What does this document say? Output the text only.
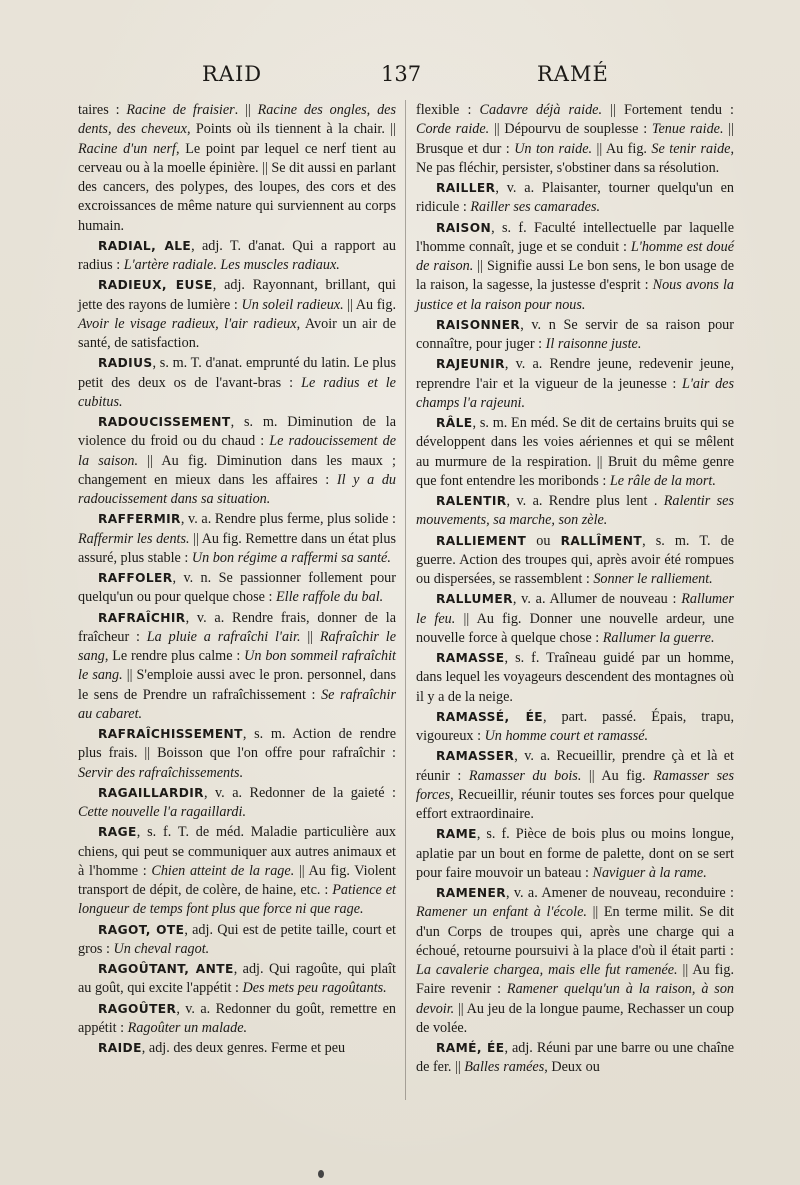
RAID	137	RAMÉ

taires : Racine de fraisier. || Racine des ongles, des dents, des cheveux, Points où ils tiennent à la chair. || Racine d'un nerf, Le point par lequel ce nerf tient au cerveau ou à la moelle épinière. || Se dit aussi en parlant des cancers, des polypes, des loupes, des cors et des excroissances de même nature qui surviennent au corps humain.

RADIAL, ALE, adj. T. d'anat. Qui a rapport au radius : L'artère radiale. Les muscles radiaux.

RADIEUX, EUSE, adj. Rayonnant, brillant, qui jette des rayons de lumière : Un soleil radieux. || Au fig. Avoir le visage radieux, l'air radieux, Avoir un air de santé, de satisfaction.

RADIUS, s. m. T. d'anat. emprunté du latin. Le plus petit des deux os de l'avant-bras : Le radius et le cubitus.

RADOUCISSEMENT, s. m. Diminution de la violence du froid ou du chaud : Le radoucissement de la saison. || Au fig. Diminution dans les maux ; changement en mieux dans les affaires : Il y a du radoucissement dans sa situation.

RAFFERMIR, v. a. Rendre plus ferme, plus solide : Raffermir les dents. || Au fig. Remettre dans un état plus assuré, plus stable : Un bon régime a raffermi sa santé.

RAFFOLER, v. n. Se passionner follement pour quelqu'un ou pour quelque chose : Elle raffole du bal.

RAFRAÎCHIR, v. a. Rendre frais, donner de la fraîcheur : La pluie a rafraîchi l'air. || Rafraîchir le sang, Le rendre plus calme : Un bon sommeil rafraîchit le sang. || S'emploie aussi avec le pron. personnel, dans le sens de Prendre un rafraîchissement : Se rafraîchir au cabaret.

RAFRAÎCHISSEMENT, s. m. Action de rendre plus frais. || Boisson que l'on offre pour rafraîchir : Servir des rafraîchissements.

RAGAILLARDIR, v. a. Redonner de la gaieté : Cette nouvelle l'a ragaillardi.

RAGE, s. f. T. de méd. Maladie particulière aux chiens, qui peut se communiquer aux autres animaux et à l'homme : Chien atteint de la rage. || Au fig. Violent transport de dépit, de colère, de haine, etc. : Patience et longueur de temps font plus que force ni que rage.

RAGOT, OTE, adj. Qui est de petite taille, court et gros : Un cheval ragot.

RAGOÛTANT, ANTE, adj. Qui ragoûte, qui plaît au goût, qui excite l'appétit : Des mets peu ragoûtants.

RAGOÛTER, v. a. Redonner du goût, remettre en appétit : Ragoûter un malade.

RAIDE, adj. des deux genres. Ferme et peu

flexible : Cadavre déjà raide. || Fortement tendu : Corde raide. || Dépourvu de souplesse : Tenue raide. || Brusque et dur : Un ton raide. || Au fig. Se tenir raide, Ne pas fléchir, persister, s'obstiner dans sa résolution.

RAILLER, v. a. Plaisanter, tourner quelqu'un en ridicule : Railler ses camarades.

RAISON, s. f. Faculté intellectuelle par laquelle l'homme connaît, juge et se conduit : L'homme est doué de raison. || Signifie aussi Le bon sens, le bon usage de la raison, la sagesse, la justesse d'esprit : Nous avons la justice et la raison pour nous.

RAISONNER, v. n Se servir de sa raison pour connaître, pour juger : Il raisonne juste.

RAJEUNIR, v. a. Rendre jeune, redevenir jeune, reprendre l'air et la vigueur de la jeunesse : L'air des champs l'a rajeuni.

RÂLE, s. m. En méd. Se dit de certains bruits qui se développent dans les voies aériennes et qui se mêlent au murmure de la respiration. || Bruit du même genre que font entendre les moribonds : Le râle de la mort.

RALENTIR, v. a. Rendre plus lent . Ralentir ses mouvements, sa marche, son zèle.

RALLIEMENT ou RALLÎMENT, s. m. T. de guerre. Action des troupes qui, après avoir été rompues ou dispersées, se rassemblent : Sonner le ralliement.

RALLUMER, v. a. Allumer de nouveau : Rallumer le feu. || Au fig. Donner une nouvelle ardeur, une nouvelle force à quelque chose : Rallumer la guerre.

RAMASSE, s. f. Traîneau guidé par un homme, dans lequel les voyageurs descendent des montagnes où il y a de la neige.

RAMASSÉ, ÉE, part. passé. Épais, trapu, vigoureux : Un homme court et ramassé.

RAMASSER, v. a. Recueillir, prendre çà et là et réunir : Ramasser du bois. || Au fig. Ramasser ses forces, Recueillir, réunir toutes ses forces pour quelque effort extraordinaire.

RAME, s. f. Pièce de bois plus ou moins longue, aplatie par un bout en forme de palette, dont on se sert pour faire mouvoir un bateau : Naviguer à la rame.

RAMENER, v. a. Amener de nouveau, reconduire : Ramener un enfant à l'école. || En terme milit. Se dit d'un Corps de troupes qui, après une charge qui a échoué, retourne poursuivi à la place d'où il était parti : La cavalerie chargea, mais elle fut ramenée. || Au fig. Faire revenir : Ramener quelqu'un à la raison, à son devoir. || Au jeu de la longue paume, Rechasser un coup de volée.

RAMÉ, ÉE, adj. Réuni par une barre ou une chaîne de fer. || Balles ramées, Deux ou
